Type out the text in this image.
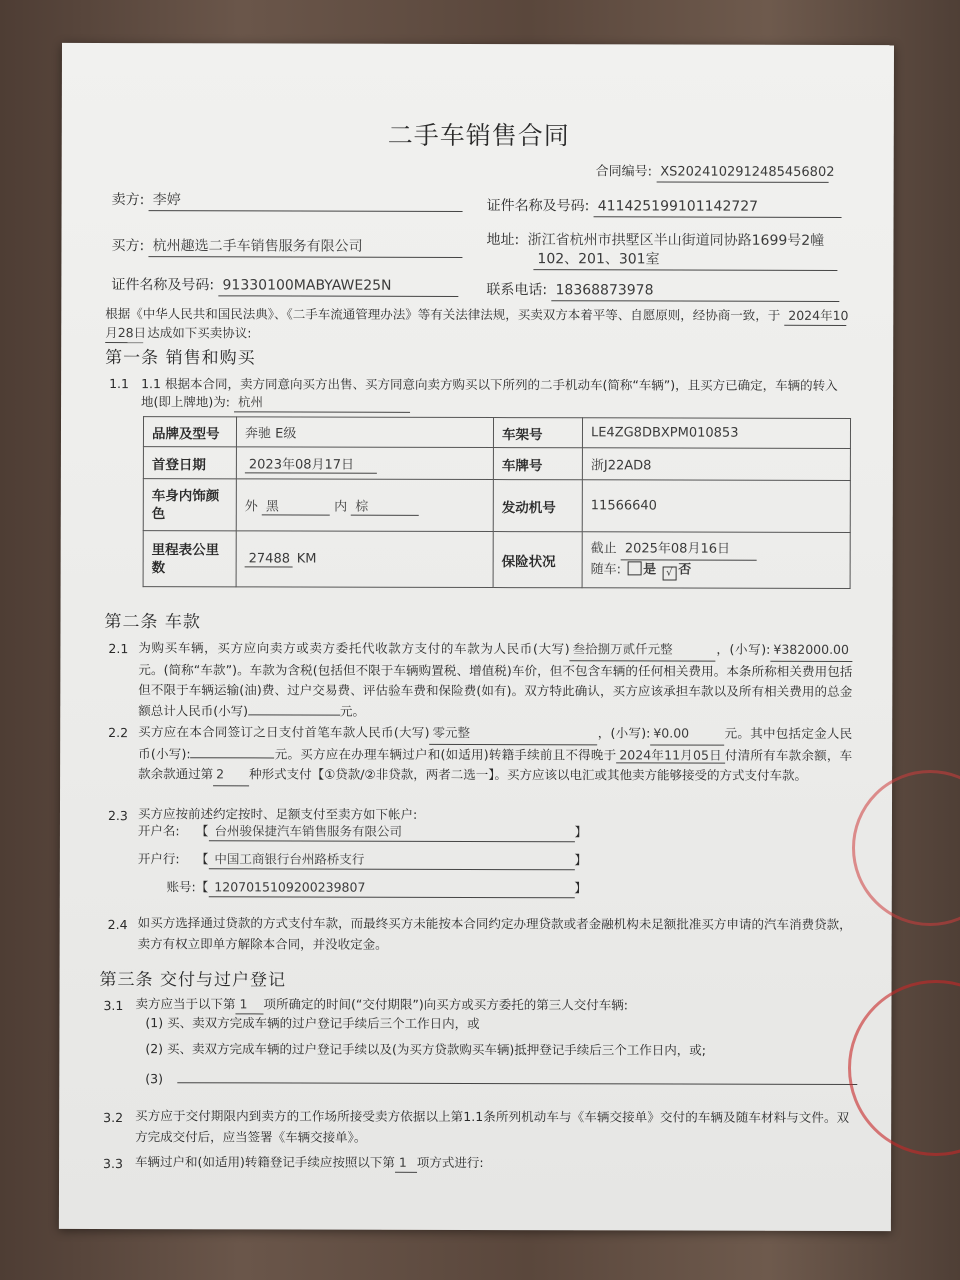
二手车销售合同
合同编号: XS2024102912485456802
卖方: 李婷	证件名称及号码: 411425199101142727
买方: 杭州趣选二手车销售服务有限公司	地址: 浙江省杭州市拱墅区半山街道同协路1699号2幢
102、201、301室
证件名称及号码: 91330100MABYAWE25N	联系电话: 18368873978
根据《中华人民共和国民法典》、《二手车流通管理办法》等有关法律法规，买卖双方本着平等、自愿原则，经协商一致，于 2024年10
月28日 达成如下买卖协议:
第一条 销售和购买
1.1 1.1 根据本合同，卖方同意向买方出售、买方同意向卖方购买以下所列的二手机动车(简称“车辆”)，且买方已确定，车辆的转入
地(即上牌地)为: 杭州
品牌及型号	奔驰 E级	车架号	LE4ZG8DBXPM010853
首登日期	2023年08月17日	车牌号	浙J22AD8
车身内饰颜色	外 黑 内 棕	发动机号	11566640
里程表公里数	27488 KM	保险状况	截止 2025年08月16日
随车: 是 √ 否
第二条 车款
2.1 为购买车辆，买方应向卖方或卖方委托代收款方支付的车款为人民币(大写) 叁拾捌万贰仟元整	，(小写): ¥382000.00元。(简称“车款”)。车款为含税(包括但不限于车辆购置税、增值税)车价，但不包含车辆的任何相关费用。本条所称相关费用包括但不限于车辆运输(油)费、过户交易费、评估验车费和保险费(如有)。双方特此确认，买方应该承担车款以及所有相关费用的总金额总计人民币(小写)	元。
2.2 买方应在本合同签订之日支付首笔车款人民币(大写) 零元整	，(小写): ¥0.00	元。其中包括定金人民币(小写):	元。买方应在办理车辆过户和(如适用)转籍手续前且不得晚于 2024年11月05日 付清所有车款余额，车款余款通过第 2 种形式支付【①贷款/②非贷款，两者二选一】。买方应该以电汇或其他卖方能够接受的方式支付车款。
2.3 买方应按前述约定按时、足额支付至卖方如下帐户:
开户名: 【 台州骏保捷汽车销售服务有限公司	】
开户行: 【 中国工商银行台州路桥支行	】
账号:【 1207015109200239807	】
2.4 如买方选择通过贷款的方式支付车款，而最终买方未能按本合同约定办理贷款或者金融机构未足额批准买方申请的汽车消费贷款，卖方有权立即单方解除本合同，并没收定金。
第三条 交付与过户登记
3.1 卖方应当于以下第 1 项所确定的时间(“交付期限”)向买方或买方委托的第三人交付车辆:
(1) 买、卖双方完成车辆的过户登记手续后三个工作日内，或
(2) 买、卖双方完成车辆的过户登记手续以及(为买方贷款购买车辆)抵押登记手续后三个工作日内，或;
(3)
3.2 买方应于交付期限内到卖方的工作场所接受卖方依据以上第1.1条所列机动车与《车辆交接单》交付的车辆及随车材料与文件。双方完成交付后，应当签署《车辆交接单》。
3.3 车辆过户和(如适用)转籍登记手续应按照以下第 1 项方式进行:
